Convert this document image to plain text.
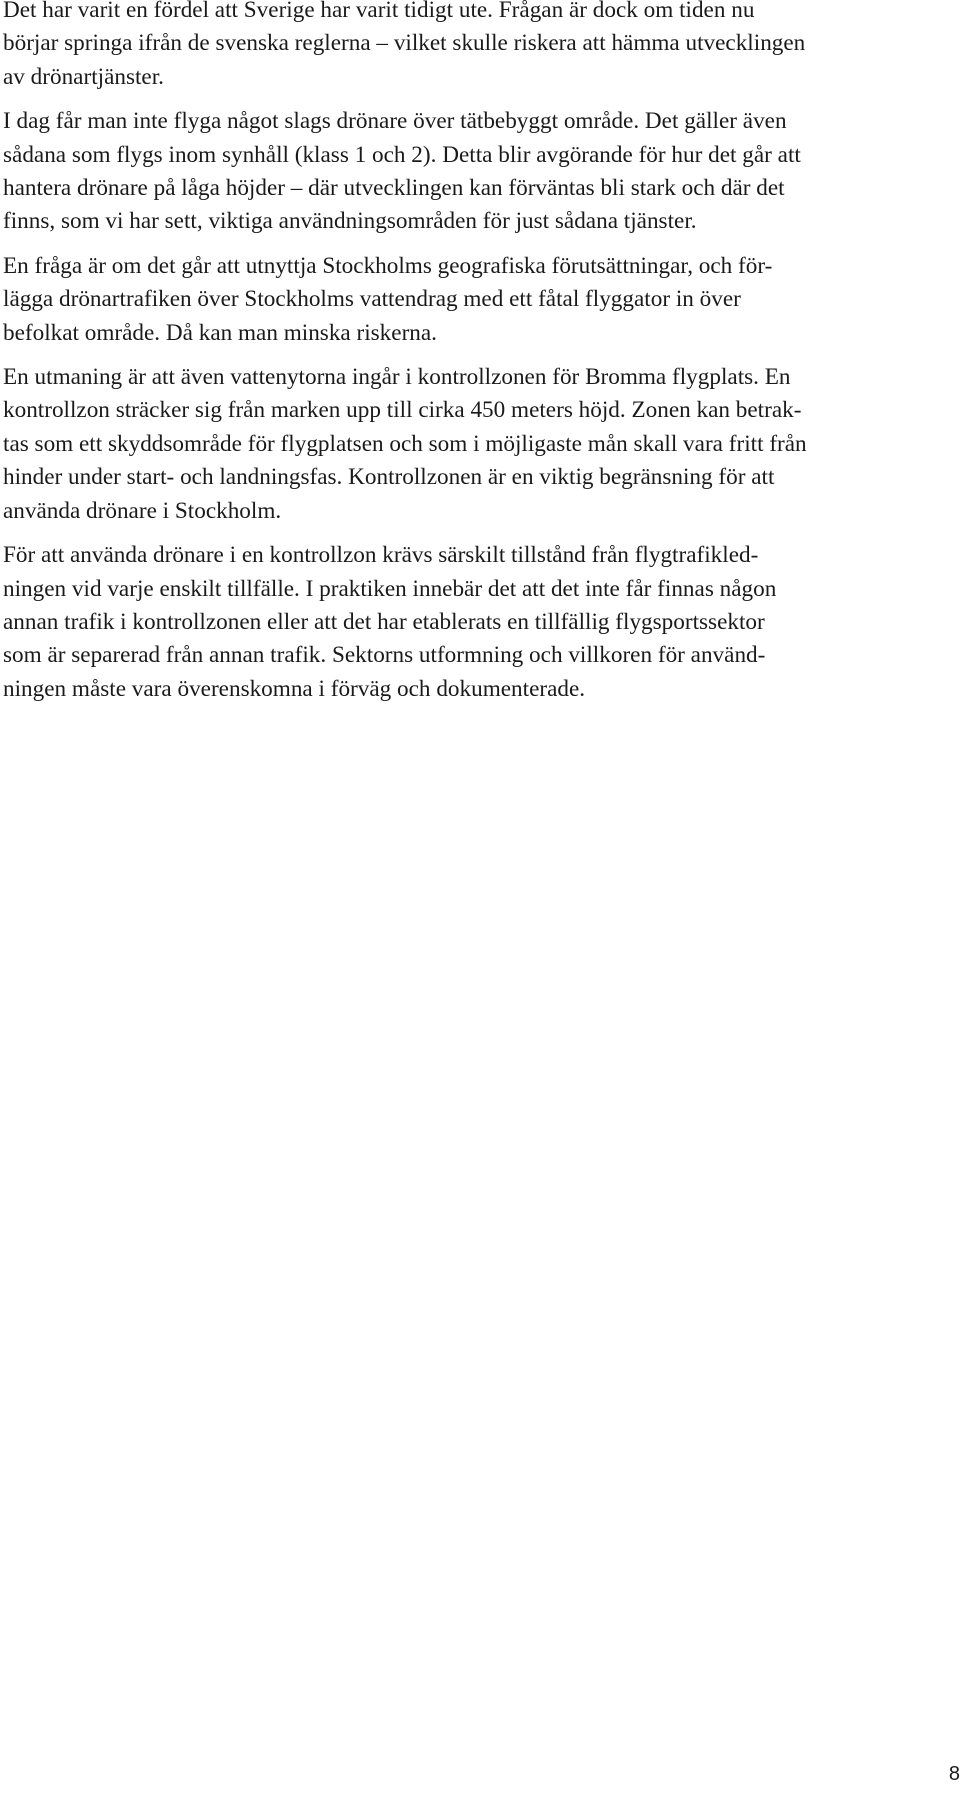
Det har varit en fördel att Sverige har varit tidigt ute. Frågan är dock om tiden nu
börjar springa ifrån de svenska reglerna – vilket skulle riskera att hämma utvecklingen
av drönartjänster.

I dag får man inte flyga något slags drönare över tätbebyggt område. Det gäller även
sådana som flygs inom synhåll (klass 1 och 2). Detta blir avgörande för hur det går att
hantera drönare på låga höjder – där utvecklingen kan förväntas bli stark och där det
finns, som vi har sett, viktiga användningsområden för just sådana tjänster.

En fråga är om det går att utnyttja Stockholms geografiska förutsättningar, och för-
lägga drönartrafiken över Stockholms vattendrag med ett fåtal flyggator in över
befolkat område. Då kan man minska riskerna.

En utmaning är att även vattenytorna ingår i kontrollzonen för Bromma flygplats. En
kontrollzon sträcker sig från marken upp till cirka 450 meters höjd. Zonen kan betrak-
tas som ett skyddsområde för flygplatsen och som i möjligaste mån skall vara fritt från
hinder under start- och landningsfas. Kontrollzonen är en viktig begränsning för att
använda drönare i Stockholm.

För att använda drönare i en kontrollzon krävs särskilt tillstånd från flygtrafikled-
ningen vid varje enskilt tillfälle. I praktiken innebär det att det inte får finnas någon
annan trafik i kontrollzonen eller att det har etablerats en tillfällig flygsportssektor
som är separerad från annan trafik. Sektorns utformning och villkoren för använd-
ningen måste vara överenskomna i förväg och dokumenterade.

8
